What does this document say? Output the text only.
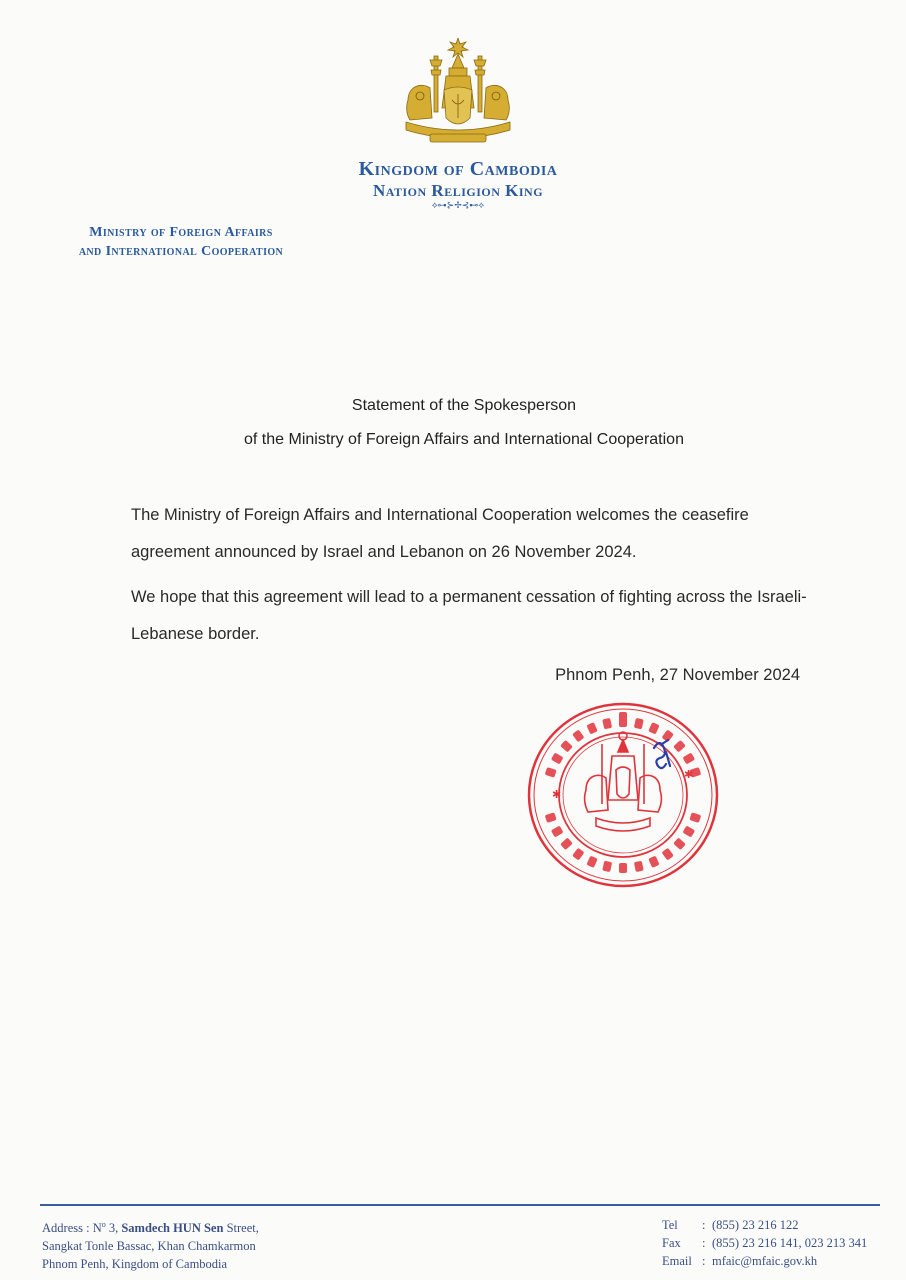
Kingdom of Cambodia
Nation Religion King
⟡⊶⊱✢⊰⊷⟡
Ministry of Foreign Affairs
and International Cooperation
Statement of the Spokesperson
of the Ministry of Foreign Affairs and International Cooperation
The Ministry of Foreign Affairs and International Cooperation welcomes the ceasefire agreement announced by Israel and Lebanon on 26 November 2024.
We hope that this agreement will lead to a permanent cessation of fighting across the Israeli-Lebanese border.
Phnom Penh, 27 November 2024
✱
✱
Address : $N^o$ 3, Samdech HUN Sen Street,
Sangkat Tonle Bassac, Khan Chamkarmon
Phnom Penh, Kingdom of Cambodia
Tel	: (855) 23 216 122
Fax	: (855) 23 216 141, 023 213 341
Email : mfaic@mfaic.gov.kh
